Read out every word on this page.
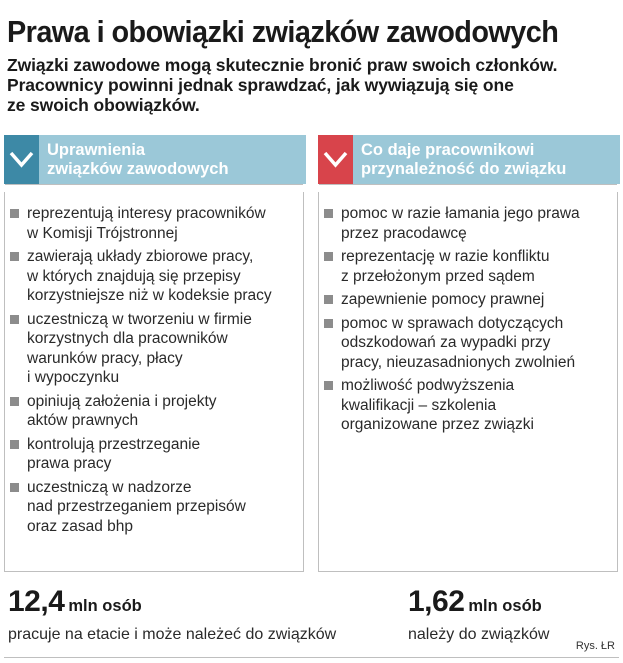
Prawa i obowiązki związków zawodowych
Związki zawodowe mogą skutecznie bronić praw swoich członków.
Pracownicy powinni jednak sprawdzać, jak wywiązują się one
ze swoich obowiązków.
Uprawnienia
związków zawodowych
reprezentują interesy pracowników
w Komisji Trójstronnej
zawierają układy zbiorowe pracy,
w których znajdują się przepisy
korzystniejsze niż w kodeksie pracy
uczestniczą w tworzeniu w firmie
korzystnych dla pracowników
warunków pracy, płacy
i wypoczynku
opiniują założenia i projekty
aktów prawnych
kontrolują przestrzeganie
prawa pracy
uczestniczą w nadzorze
nad przestrzeganiem przepisów
oraz zasad bhp
Co daje pracownikowi
przynależność do związku
pomoc w razie łamania jego prawa
przez pracodawcę
reprezentację w razie konfliktu
z przełożonym przed sądem
zapewnienie pomocy prawnej
pomoc w sprawach dotyczących
odszkodowań za wypadki przy
pracy, nieuzasadnionych zwolnień
możliwość podwyższenia
kwalifikacji – szkolenia
organizowane przez związki
12,4 mln osób
pracuje na etacie i może należeć do związków
1,62 mln osób
należy do związków
Rys. ŁR
